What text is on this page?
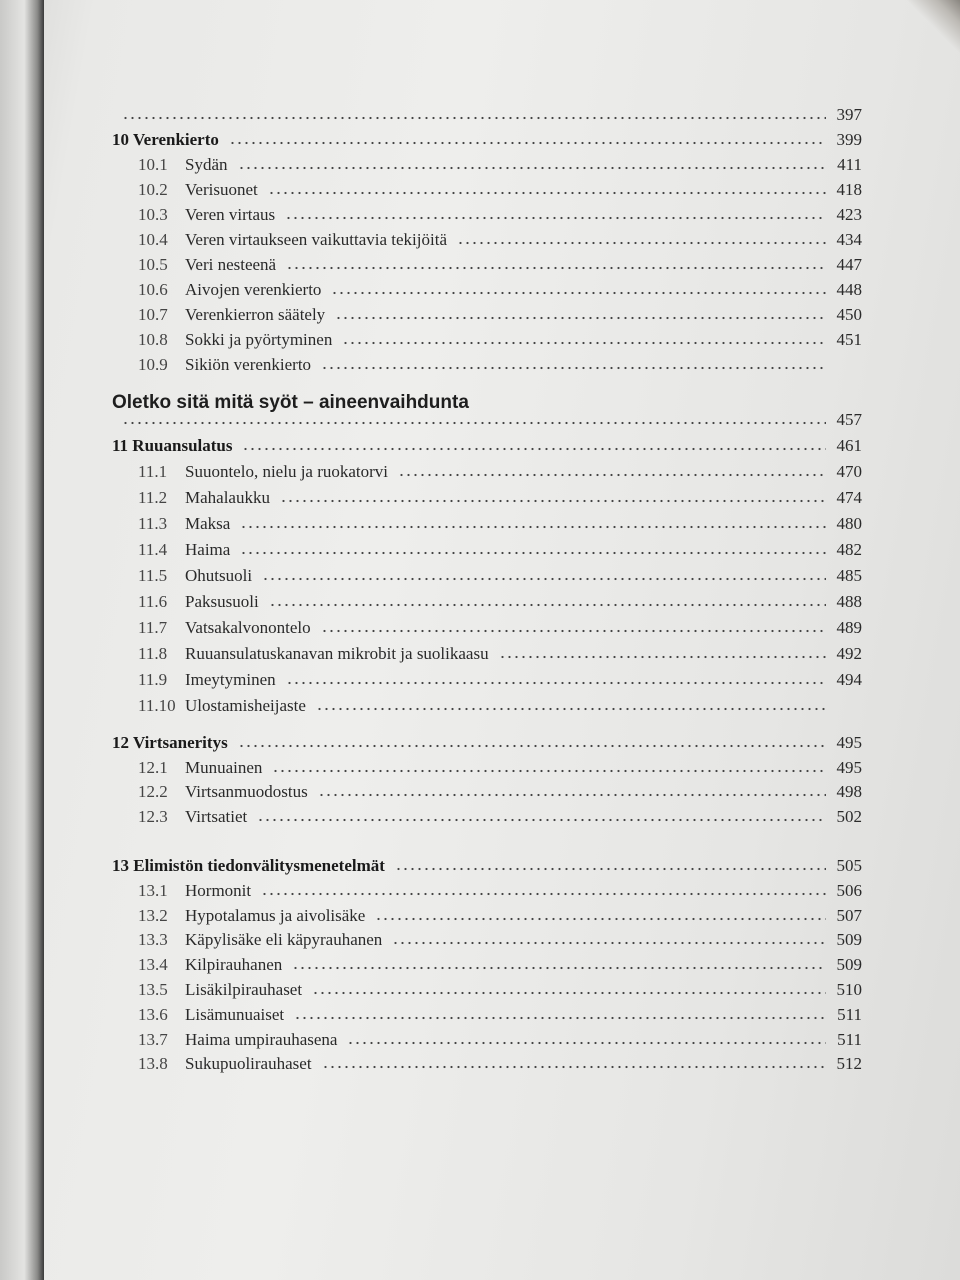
397
10 Verenkierto	399
10.1	Sydän	411
10.2	Verisuonet	418
10.3	Veren virtaus	423
10.4	Veren virtaukseen vaikuttavia tekijöitä	434
10.5	Veri nesteenä	447
10.6	Aivojen verenkierto	448
10.7	Verenkierron säätely	450
10.8	Sokki ja pyörtyminen	451
10.9	Sikiön verenkierto
Oletko sitä mitä syöt – aineenvaihdunta
457
11 Ruuansulatus	461
11.1	Suuontelo, nielu ja ruokatorvi	470
11.2	Mahalaukku	474
11.3	Maksa	480
11.4	Haima	482
11.5	Ohutsuoli	485
11.6	Paksusuoli	488
11.7	Vatsakalvonontelo	489
11.8	Ruuansulatuskanavan mikrobit ja suolikaasu	492
11.9	Imeytyminen	494
11.10 Ulostamisheijaste
12 Virtsaneritys	495
12.1	Munuainen	495
12.2	Virtsanmuodostus	498
12.3	Virtsatiet	502
13 Elimistön tiedonvälitysmenetelmät	505
13.1	Hormonit	506
13.2	Hypotalamus ja aivolisäke	507
13.3	Käpylisäke eli käpyrauhanen	509
13.4	Kilpirauhanen	509
13.5	Lisäkilpirauhaset	510
13.6	Lisämunuaiset	511
13.7	Haima umpirauhasena	511
13.8	Sukupuolirauhaset	512
